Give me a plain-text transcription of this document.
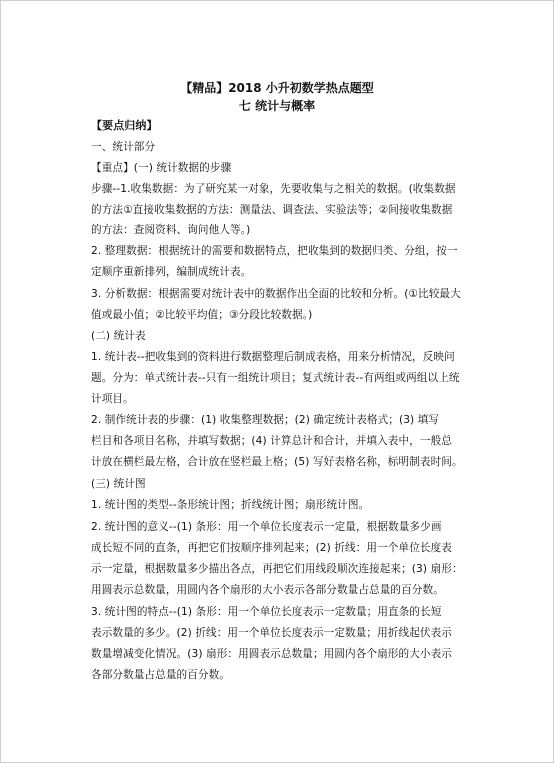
【精品】2018 小升初数学热点题型
七 统计与概率
【要点归纳】
一、统计部分
【重点】(一) 统计数据的步骤
步骤--1.收集数据：为了研究某一对象，先要收集与之相关的数据。(收集数据
的方法①直接收集数据的方法：测量法、调查法、实验法等；②间接收集数据
的方法：查阅资料、询问他人等。)
2. 整理数据：根据统计的需要和数据特点，把收集到的数据归类、分组，按一
定顺序重新排列，编制成统计表。
3. 分析数据：根据需要对统计表中的数据作出全面的比较和分析。(①比较最大
值或最小值；②比较平均值；③分段比较数据。)
(二) 统计表
1. 统计表--把收集到的资料进行数据整理后制成表格，用来分析情况，反映问
题。分为：单式统计表--只有一组统计项目；复式统计表--有两组或两组以上统
计项目。
2. 制作统计表的步骤：(1) 收集整理数据；(2) 确定统计表格式；(3) 填写
栏目和各项目名称，并填写数据；(4) 计算总计和合计，并填入表中，一般总
计放在横栏最左格，合计放在竖栏最上格；(5) 写好表格名称，标明制表时间。
(三) 统计图
1. 统计图的类型--条形统计图；折线统计图；扇形统计图。
2. 统计图的意义--(1) 条形：用一个单位长度表示一定量，根据数量多少画
成长短不同的直条，再把它们按顺序排列起来；(2) 折线：用一个单位长度表
示一定量，根据数量多少描出各点，再把它们用线段顺次连接起来；(3) 扇形：
用圆表示总数量，用圆内各个扇形的大小表示各部分数量占总量的百分数。
3. 统计图的特点--(1) 条形：用一个单位长度表示一定数量；用直条的长短
表示数量的多少。(2) 折线：用一个单位长度表示一定数量；用折线起伏表示
数量增减变化情况。(3) 扇形：用圆表示总数量；用圆内各个扇形的大小表示
各部分数量占总量的百分数。
